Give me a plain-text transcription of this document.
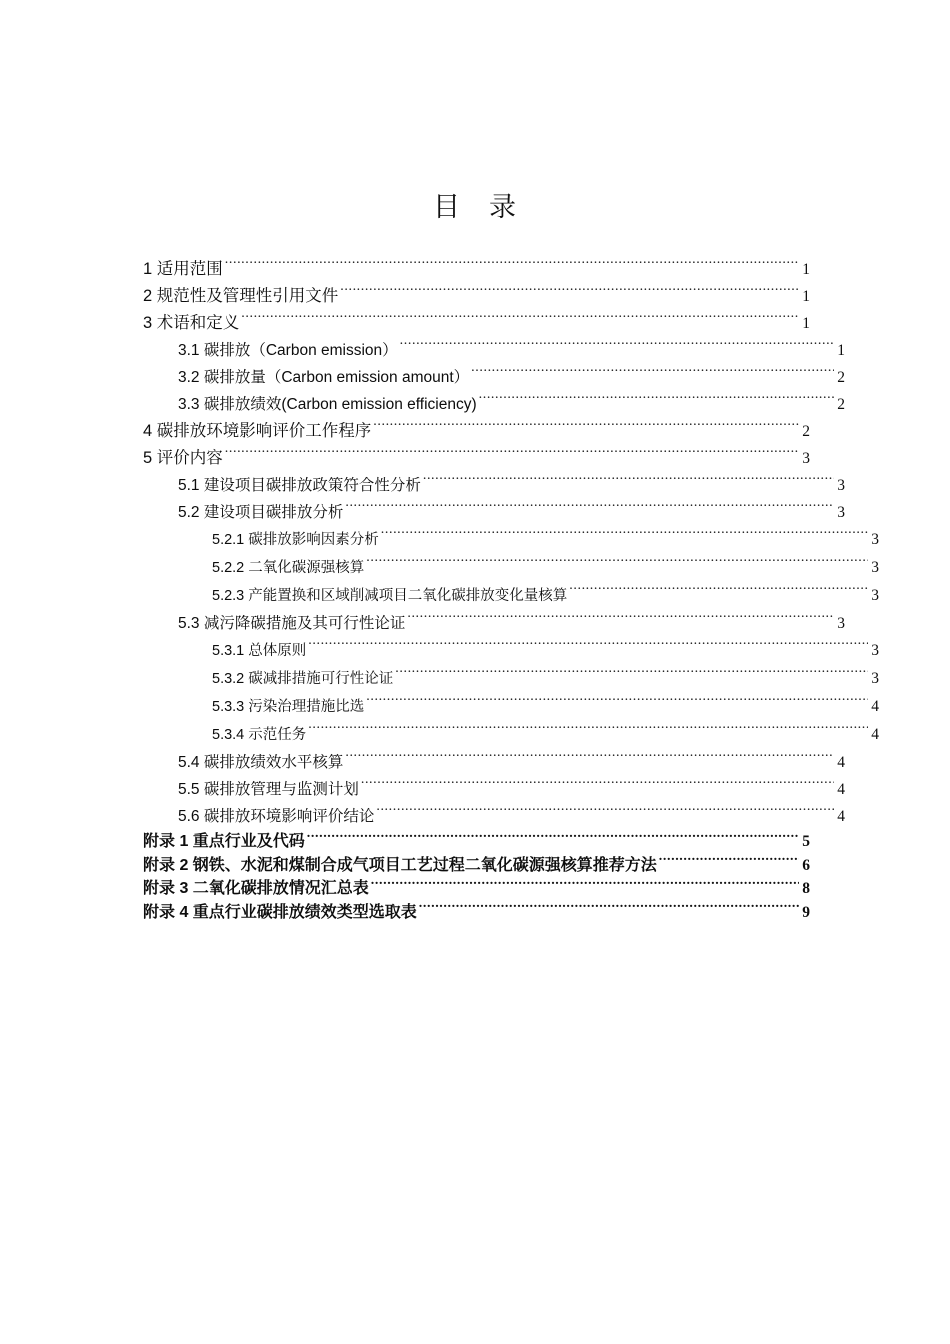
目　录
1 适用范围 .....	1
2 规范性及管理性引用文件 .....	1
3 术语和定义 .....	1
3.1 碳排放（Carbon emission） .....	1
3.2 碳排放量（Carbon emission amount） .....	2
3.3 碳排放绩效(Carbon emission efficiency) .....	2
4 碳排放环境影响评价工作程序 .....	2
5 评价内容 .....	3
5.1 建设项目碳排放政策符合性分析 .....	3
5.2 建设项目碳排放分析 .....	3
5.2.1 碳排放影响因素分析 .....	3
5.2.2 二氧化碳源强核算 .....	3
5.2.3 产能置换和区域削减项目二氧化碳排放变化量核算 .....	3
5.3 减污降碳措施及其可行性论证 .....	3
5.3.1 总体原则 .....	3
5.3.2 碳减排措施可行性论证 .....	3
5.3.3 污染治理措施比选 .....	4
5.3.4 示范任务 .....	4
5.4 碳排放绩效水平核算 .....	4
5.5 碳排放管理与监测计划 .....	4
5.6 碳排放环境影响评价结论 .....	4
附录 1 重点行业及代码 .....	5
附录 2 钢铁、水泥和煤制合成气项目工艺过程二氧化碳源强核算推荐方法 .....	6
附录 3 二氧化碳排放情况汇总表 .....	8
附录 4 重点行业碳排放绩效类型选取表 .....	9
